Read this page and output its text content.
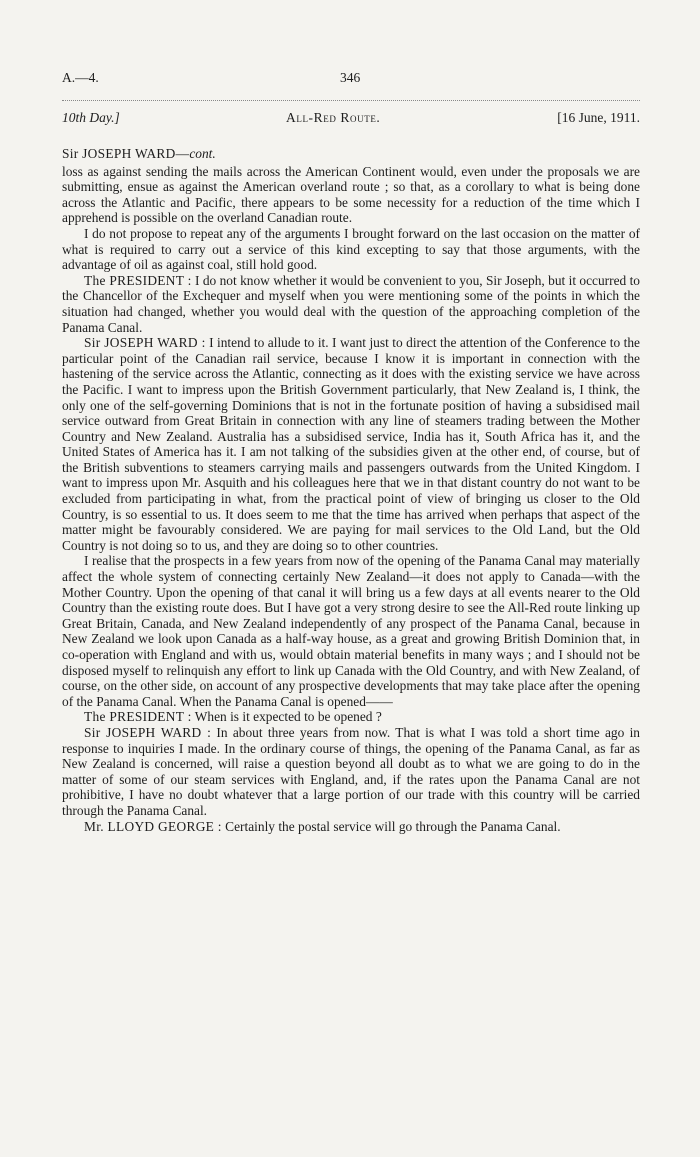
A.—4.	346
10th Day.]	All-Red Route.	[16 June, 1911.
Sir JOSEPH WARD—cont.

loss as against sending the mails across the American Continent would, even under the proposals we are submitting, ensue as against the American overland route ; so that, as a corollary to what is being done across the Atlantic and Pacific, there appears to be some necessity for a reduction of the time which I apprehend is possible on the overland Canadian route.

I do not propose to repeat any of the arguments I brought forward on the last occasion on the matter of what is required to carry out a service of this kind excepting to say that those arguments, with the advantage of oil as against coal, still hold good.

The PRESIDENT : I do not know whether it would be convenient to you, Sir Joseph, but it occurred to the Chancellor of the Exchequer and myself when you were mentioning some of the points in which the situation had changed, whether you would deal with the question of the approaching completion of the Panama Canal.

Sir JOSEPH WARD : I intend to allude to it. I want just to direct the attention of the Conference to the particular point of the Canadian rail service, because I know it is important in connection with the hastening of the service across the Atlantic, connecting as it does with the existing service we have across the Pacific. I want to impress upon the British Government particularly, that New Zealand is, I think, the only one of the self-governing Dominions that is not in the fortunate position of having a subsidised mail service outward from Great Britain in connection with any line of steamers trading between the Mother Country and New Zealand. Australia has a subsidised service, India has it, South Africa has it, and the United States of America has it. I am not talking of the subsidies given at the other end, of course, but of the British subventions to steamers carrying mails and passengers outwards from the United Kingdom. I want to impress upon Mr. Asquith and his colleagues here that we in that distant country do not want to be excluded from participating in what, from the practical point of view of bringing us closer to the Old Country, is so essential to us. It does seem to me that the time has arrived when perhaps that aspect of the matter might be favourably considered. We are paying for mail services to the Old Land, but the Old Country is not doing so to us, and they are doing so to other countries.

I realise that the prospects in a few years from now of the opening of the Panama Canal may materially affect the whole system of connecting certainly New Zealand—it does not apply to Canada—with the Mother Country. Upon the opening of that canal it will bring us a few days at all events nearer to the Old Country than the existing route does. But I have got a very strong desire to see the All-Red route linking up Great Britain, Canada, and New Zealand independently of any prospect of the Panama Canal, because in New Zealand we look upon Canada as a half-way house, as a great and growing British Dominion that, in co-operation with England and with us, would obtain material benefits in many ways ; and I should not be disposed myself to relinquish any effort to link up Canada with the Old Country, and with New Zealand, of course, on the other side, on account of any prospective developments that may take place after the opening of the Panama Canal. When the Panama Canal is opened——

The PRESIDENT : When is it expected to be opened ?

Sir JOSEPH WARD : In about three years from now. That is what I was told a short time ago in response to inquiries I made. In the ordinary course of things, the opening of the Panama Canal, as far as New Zealand is concerned, will raise a question beyond all doubt as to what we are going to do in the matter of some of our steam services with England, and, if the rates upon the Panama Canal are not prohibitive, I have no doubt whatever that a large portion of our trade with this country will be carried through the Panama Canal.

Mr. LLOYD GEORGE : Certainly the postal service will go through the Panama Canal.
